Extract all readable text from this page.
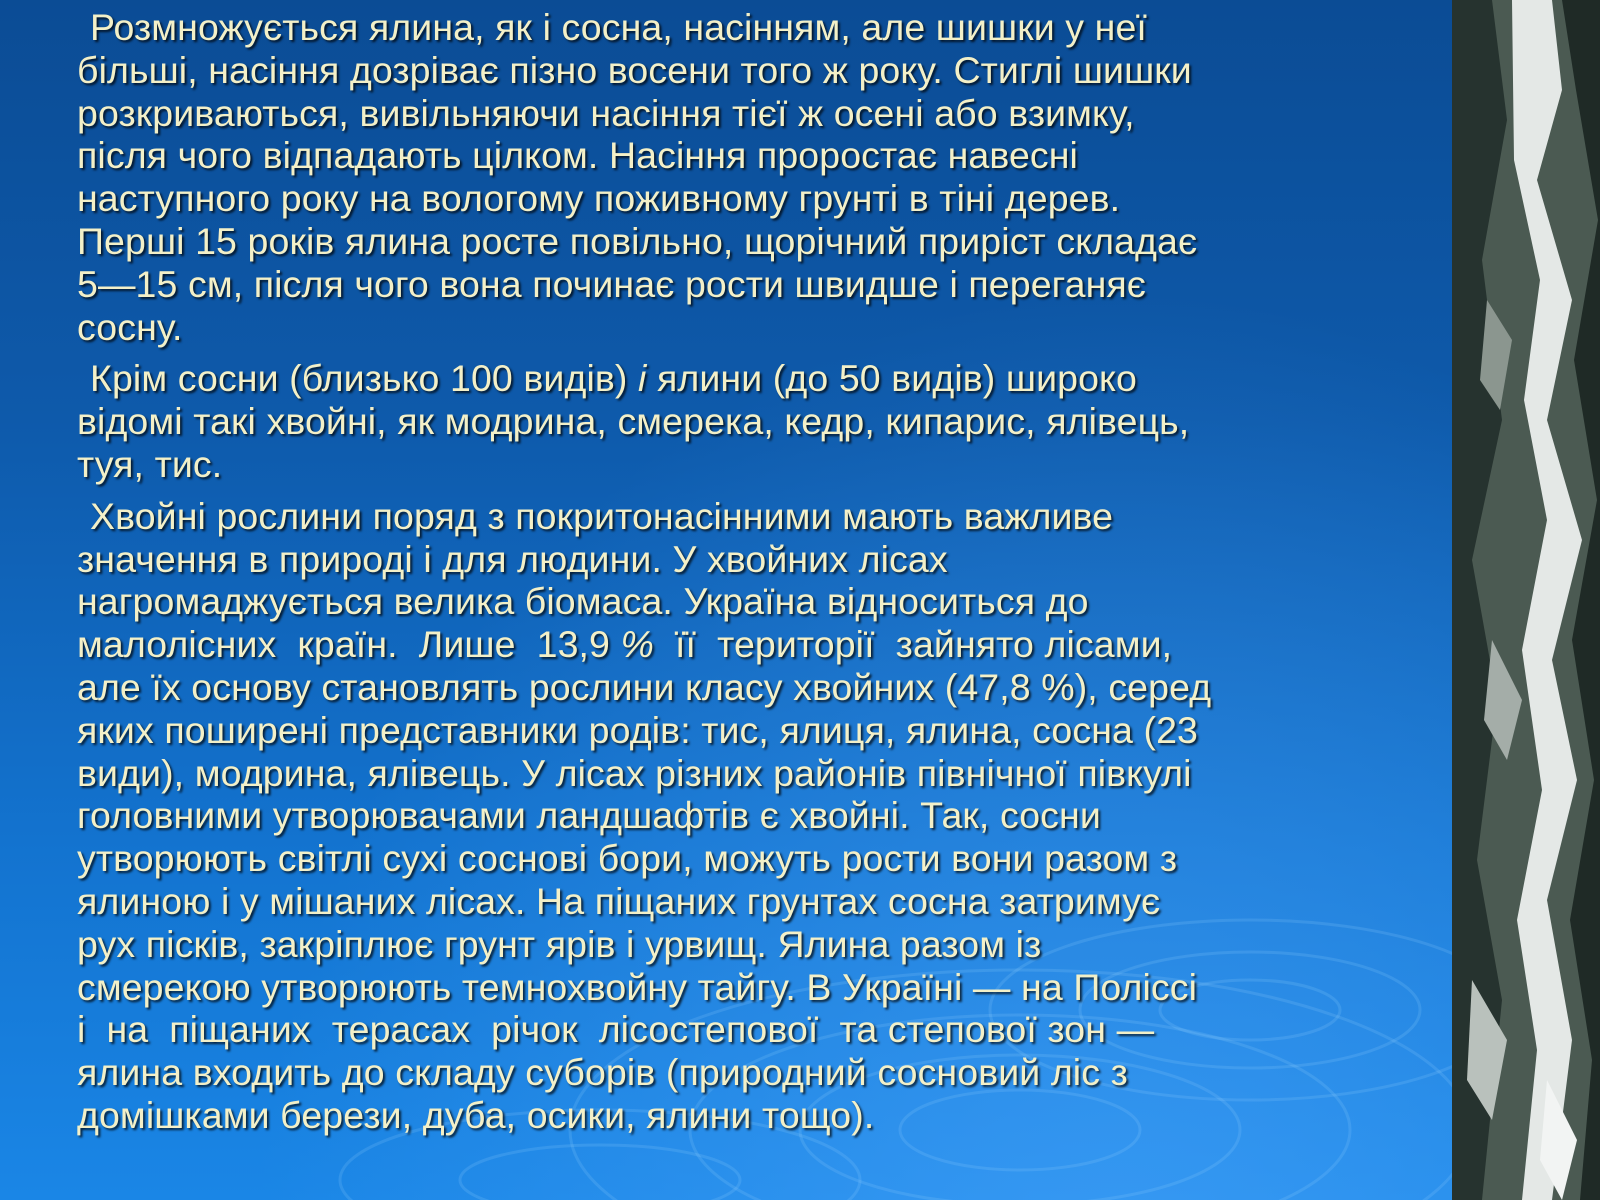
Розмножується ялина, як і сосна, насінням, але шишки у неї
більші, насіння дозріває пізно восени того ж року. Стиглі шишки
розкриваються, вивільняючи насіння тієї ж осені або взимку,
після чого відпадають цілком. Насіння проростає навесні
наступного року на вологому поживному грунті в тіні дерев.
Перші 15 років ялина росте повільно, щорічний приріст складає
5—15 см, після чого вона починає рости швидше і переганяє
сосну.

Крім сосни (близько 100 видів) і ялини (до 50 видів) широко
відомі такі хвойні, як модрина, смерека, кедр, кипарис, ялівець,
туя, тис.

Хвойні рослини поряд з покритонасінними мають важливе
значення в природі і для людини. У хвойних лісах
нагромаджується велика біомаса. Україна відноситься до
малолісних  країн.  Лише  13,9 %  її  території  зайнято лісами,
але їх основу становлять рослини класу хвойних (47,8 %), серед
яких поширені представники родів: тис, ялиця, ялина, сосна (23
види), модрина, ялівець. У лісах різних районів північної півкулі
головними утворювачами ландшафтів є хвойні. Так, сосни
утворюють світлі сухі соснові бори, можуть рости вони разом з
ялиною і у мішаних лісах. На піщаних грунтах сосна затримує
рух пісків, закріплює грунт ярів і урвищ. Ялина разом із
смерекою утворюють темнохвойну тайгу. В Україні — на Поліссі
і  на  піщаних  терасах  річок  лісостепової  та степової зон —
ялина входить до складу суборів (природний сосновий ліс з
домішками берези, дуба, осики, ялини тощо).
